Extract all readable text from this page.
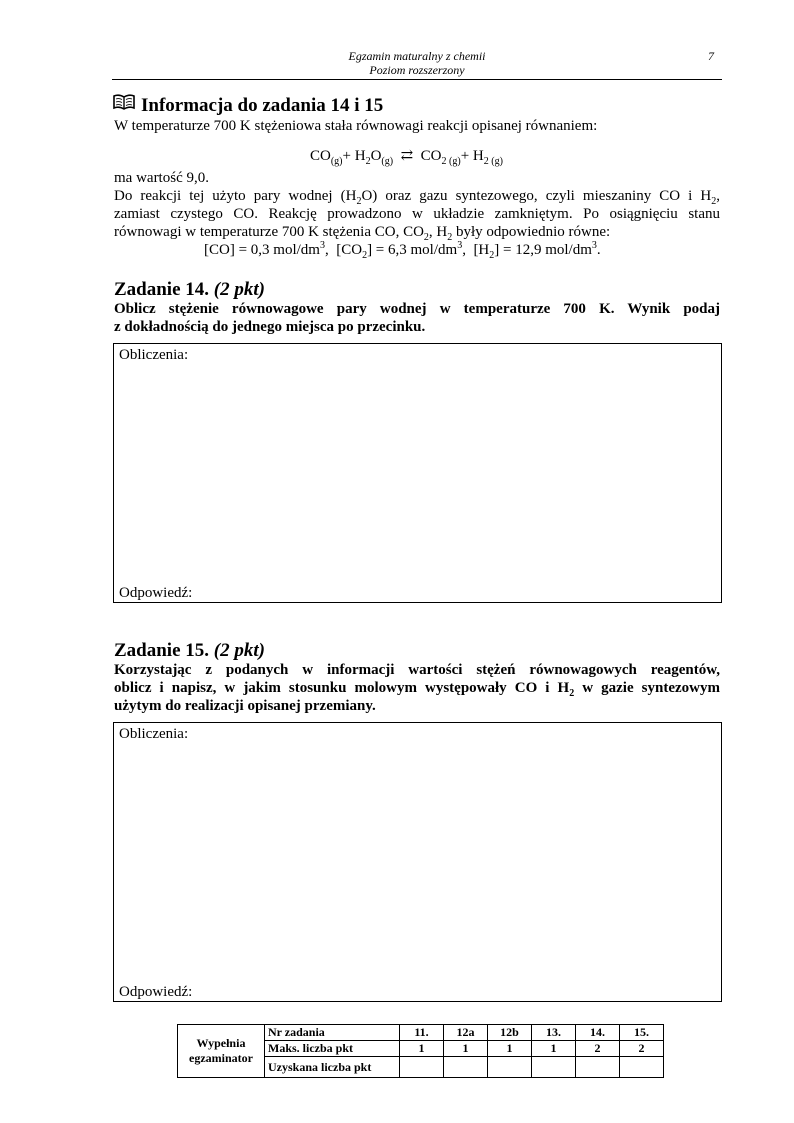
Egzamin maturalny z chemii
Poziom rozszerzony
7
Informacja do zadania 14 i 15
W temperaturze 700 K stężeniowa stała równowagi reakcji opisanej równaniem:
$CO_{(g)}+ H_2O_{(g)}$ ⇄ $CO_{2 (g)}+ H_{2 (g)}$
ma wartość 9,0.
Do reakcji tej użyto pary wodnej $(H_2O)$ oraz gazu syntezowego, czyli mieszaniny CO i $H_2$,
zamiast czystego CO. Reakcję prowadzono w układzie zamkniętym. Po osiągnięciu stanu
równowagi w temperaturze 700 K stężenia CO, $CO_2$, $H_2$ były odpowiednio równe:
[CO] = 0,3 mol/$dm^3$, $[CO_2] = 6,3$ mol/$dm^3$, $[H_2] = 12,9$ mol/$dm^3$.
Zadanie 14. (2 pkt)
Oblicz stężenie równowagowe pary wodnej w temperaturze 700 K. Wynik podaj
z dokładnością do jednego miejsca po przecinku.
Obliczenia:
Odpowiedź:
Zadanie 15. (2 pkt)
Korzystając z podanych w informacji wartości stężeń równowagowych reagentów,
oblicz i napisz, w jakim stosunku molowym występowały CO i $H_2$ w gazie syntezowym
użytym do realizacji opisanej przemiany.
Obliczenia:
Odpowiedź:
Wypełnia egzaminator	Nr zadania	11.	12a	12b	13.	14.	15.
	Maks. liczba pkt	1	1	1	1	2	2
	Uzyskana liczba pkt						
